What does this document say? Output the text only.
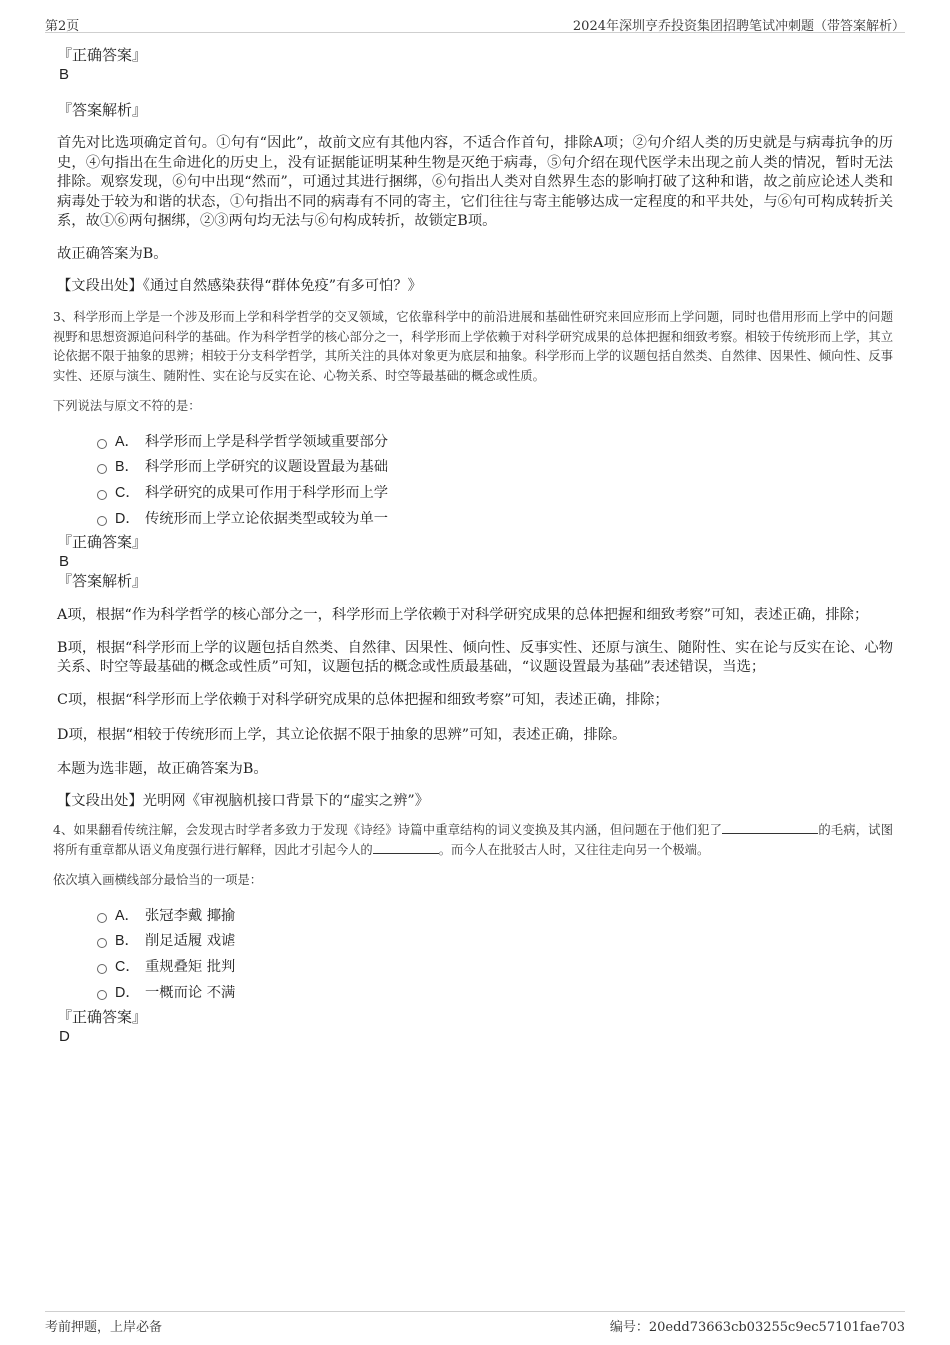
第2页	2024年深圳亨乔投资集团招聘笔试冲刺题（带答案解析）

『正确答案』

B

『答案解析』

首先对比选项确定首句。①句有“因此”，故前文应有其他内容，不适合作首句，排除A项；②句介绍人类的历史就是与病毒抗争的历史，④句指出在生命进化的历史上，没有证据能证明某种生物是灭绝于病毒，⑤句介绍在现代医学未出现之前人类的情况，暂时无法排除。观察发现，⑥句中出现“然而”，可通过其进行捆绑，⑥句指出人类对自然界生态的影响打破了这种和谐，故之前应论述人类和病毒处于较为和谐的状态，①句指出不同的病毒有不同的寄主，它们往往与寄主能够达成一定程度的和平共处，与⑥句可构成转折关系，故①⑥两句捆绑，②③两句均无法与⑥句构成转折，故锁定B项。

故正确答案为B。

【文段出处】《通过自然感染获得“群体免疫”有多可怕？》

3、科学形而上学是一个涉及形而上学和科学哲学的交叉领域，它依靠科学中的前沿进展和基础性研究来回应形而上学问题，同时也借用形而上学中的问题视野和思想资源追问科学的基础。作为科学哲学的核心部分之一，科学形而上学依赖于对科学研究成果的总体把握和细致考察。相较于传统形而上学，其立论依据不限于抽象的思辨；相较于分支科学哲学，其所关注的具体对象更为底层和抽象。科学形而上学的议题包括自然类、自然律、因果性、倾向性、反事实性、还原与演生、随附性、实在论与反实在论、心物关系、时空等最基础的概念或性质。

下列说法与原文不符的是：

A． 科学形而上学是科学哲学领域重要部分
B． 科学形而上学研究的议题设置最为基础
C． 科学研究的成果可作用于科学形而上学
D． 传统形而上学立论依据类型或较为单一

『正确答案』

B

『答案解析』

A项，根据“作为科学哲学的核心部分之一，科学形而上学依赖于对科学研究成果的总体把握和细致考察”可知，表述正确，排除；

B项，根据“科学形而上学的议题包括自然类、自然律、因果性、倾向性、反事实性、还原与演生、随附性、实在论与反实在论、心物关系、时空等最基础的概念或性质”可知，议题包括的概念或性质最基础，“议题设置最为基础”表述错误，当选；

C项，根据“科学形而上学依赖于对科学研究成果的总体把握和细致考察”可知，表述正确，排除；

D项，根据“相较于传统形而上学，其立论依据不限于抽象的思辨”可知，表述正确，排除。

本题为选非题，故正确答案为B。

【文段出处】光明网《审视脑机接口背景下的“虚实之辨”》

4、如果翻看传统注解，会发现古时学者多致力于发现《诗经》诗篇中重章结构的词义变换及其内涵，但问题在于他们犯了	的毛病，试图将所有重章都从语义角度强行进行解释，因此才引起今人的	。而今人在批驳古人时，又往往走向另一个极端。

依次填入画横线部分最恰当的一项是：

A． 张冠李戴 揶揄
B． 削足适履 戏谑
C． 重规叠矩 批判
D． 一概而论 不满

『正确答案』

D

考前押题，上岸必备	编号：20edd73663cb03255c9ec57101fae703
